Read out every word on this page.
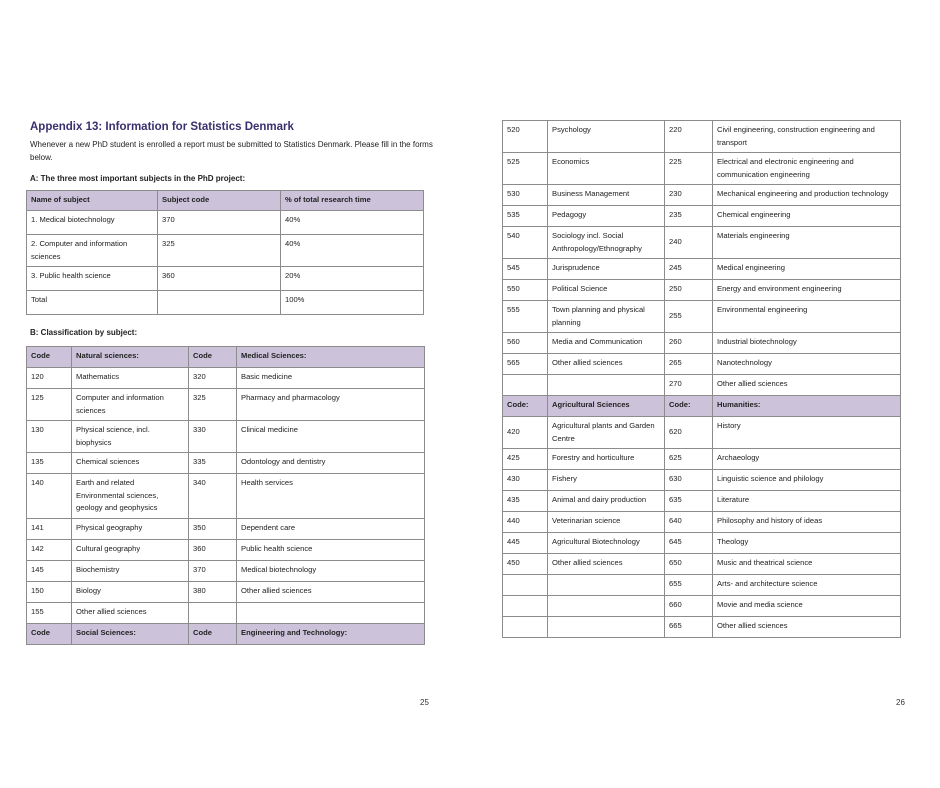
Appendix 13: Information for Statistics Denmark
Whenever a new PhD student is enrolled a report must be submitted to Statistics Denmark. Please fill in the forms below.
A: The three most important subjects in the PhD project:
Name of subject	Subject code	% of total research time
1. Medical biotechnology	370	40%
2. Computer and information sciences	325	40%
3. Public health science	360	20%
Total		100%
B: Classification by subject:
Code	Natural sciences:	Code	Medical Sciences:
120	Mathematics	320	Basic medicine
125	Computer and information sciences	325	Pharmacy and pharmacology
130	Physical science, incl. biophysics	330	Clinical medicine
135	Chemical sciences	335	Odontology and dentistry
140	Earth and related Environmental sciences, geology and geophysics	340	Health services
141	Physical geography	350	Dependent care
142	Cultural geography	360	Public health science
145	Biochemistry	370	Medical biotechnology
150	Biology	380	Other allied sciences
155	Other allied sciences		
Code	Social Sciences:	Code	Engineering and Technology:
25
520	Psychology	220	Civil engineering, construction engineering and transport
525	Economics	225	Electrical and electronic engineering and communication engineering
530	Business Management	230	Mechanical engineering and production technology
535	Pedagogy	235	Chemical engineering
540	Sociology incl. Social Anthropology/Ethnography	240	Materials engineering
545	Jurisprudence	245	Medical engineering
550	Political Science	250	Energy and environment engineering
555	Town planning and physical planning	255	Environmental engineering
560	Media and Communication	260	Industrial biotechnology
565	Other allied sciences	265	Nanotechnology
		270	Other allied sciences
Code:	Agricultural Sciences	Code:	Humanities:
420	Agricultural plants and Garden Centre	620	History
425	Forestry and horticulture	625	Archaeology
430	Fishery	630	Linguistic science and philology
435	Animal and dairy production	635	Literature
440	Veterinarian science	640	Philosophy and history of ideas
445	Agricultural Biotechnology	645	Theology
450	Other allied sciences	650	Music and theatrical science
		655	Arts- and architecture science
		660	Movie and media science
		665	Other allied sciences
26
